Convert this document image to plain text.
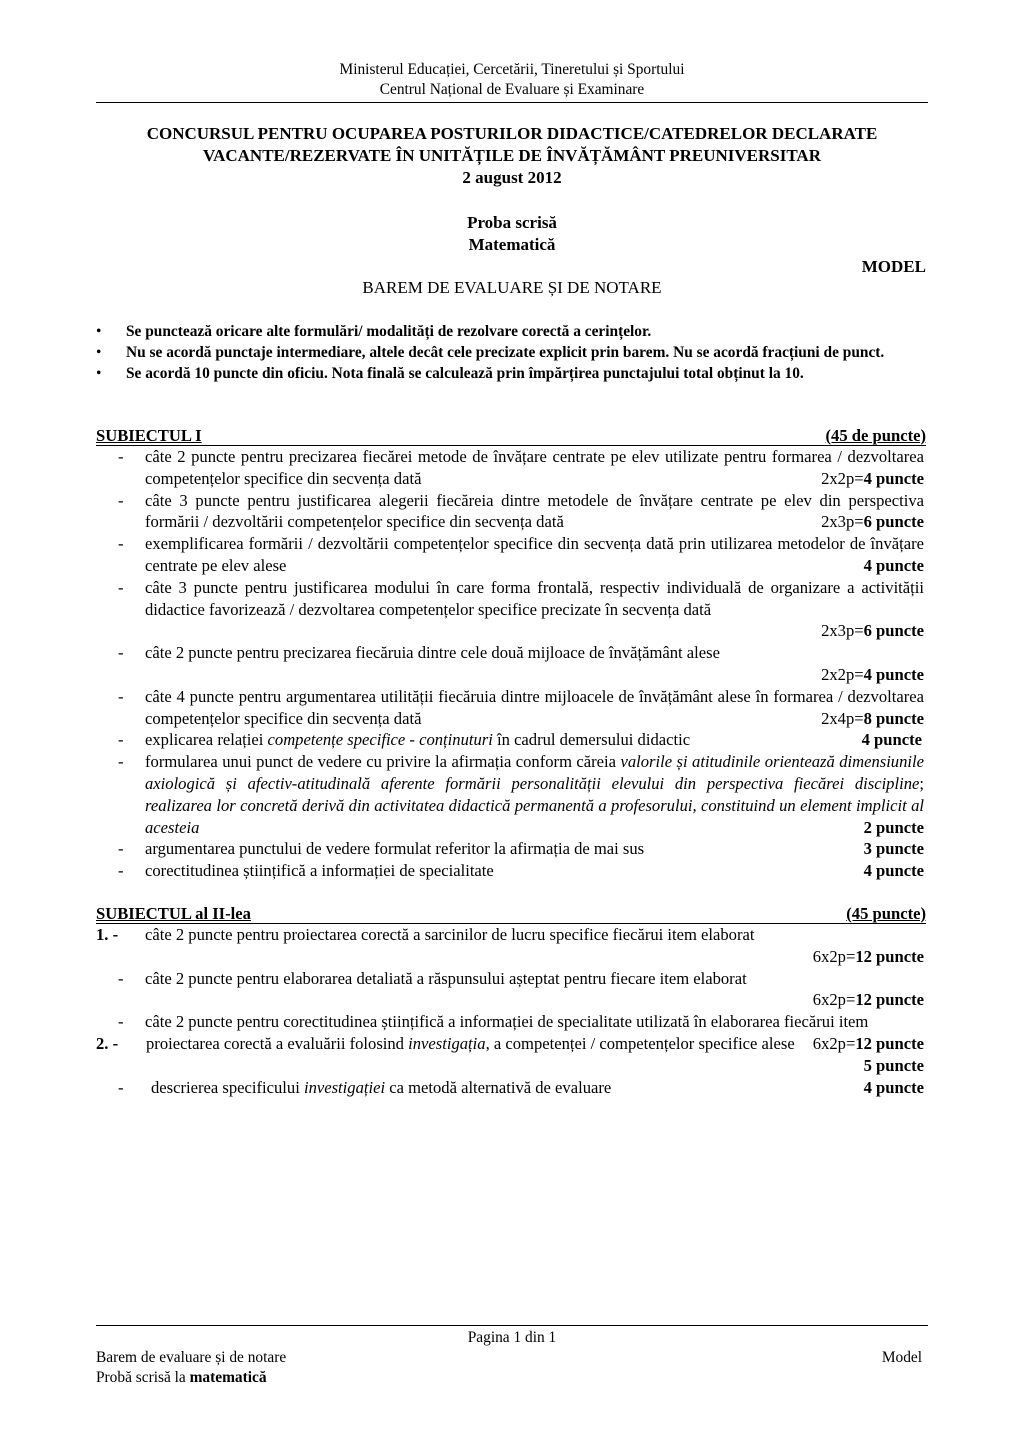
Ministerul Educației, Cercetării, Tineretului și Sportului
Centrul Național de Evaluare și Examinare
CONCURSUL PENTRU OCUPAREA POSTURILOR DIDACTICE/CATEDRELOR DECLARATE
VACANTE/REZERVATE ÎN UNITĂȚILE DE ÎNVĂȚĂMÂNT PREUNIVERSITAR
2 august 2012
Proba scrisă
Matematică
MODEL
BAREM DE EVALUARE ȘI DE NOTARE
• Se punctează oricare alte formulări/ modalități de rezolvare corectă a cerințelor.
• Nu se acordă punctaje intermediare, altele decât cele precizate explicit prin barem. Nu se acordă fracțiuni de punct.
• Se acordă 10 puncte din oficiu. Nota finală se calculează prin împărțirea punctajului total obținut la 10.
SUBIECTUL I	(45 de puncte)
- câte 2 puncte pentru precizarea fiecărei metode de învățare centrate pe elev utilizate pentru formarea / dezvoltarea competențelor specifice din secvența dată	2x2p=4 puncte
- câte 3 puncte pentru justificarea alegerii fiecăreia dintre metodele de învățare centrate pe elev din perspectiva formării / dezvoltării competențelor specifice din secvența dată	2x3p=6 puncte
- exemplificarea formării / dezvoltării competențelor specifice din secvența dată prin utilizarea metodelor de învățare centrate pe elev alese	4 puncte
- câte 3 puncte pentru justificarea modului în care forma frontală, respectiv individuală de organizare a activității didactice favorizează / dezvoltarea competențelor specifice precizate în secvența dată
2x3p=6 puncte
- câte 2 puncte pentru precizarea fiecăruia dintre cele două mijloace de învățământ alese
2x2p=4 puncte
- câte 4 puncte pentru argumentarea utilității fiecăruia dintre mijloacele de învățământ alese în formarea / dezvoltarea competențelor specifice din secvența dată	2x4p=8 puncte
- explicarea relației competențe specifice - conținuturi în cadrul demersului didactic	4 puncte
- formularea unui punct de vedere cu privire la afirmația conform căreia valorile și atitudinile orientează dimensiunile axiologică și afectiv-atitudinală aferente formării personalității elevului din perspectiva fiecărei discipline; realizarea lor concretă derivă din activitatea didactică permanentă a profesorului, constituind un element implicit al acesteia	2 puncte
- argumentarea punctului de vedere formulat referitor la afirmația de mai sus	3 puncte
- corectitudinea științifică a informației de specialitate	4 puncte
SUBIECTUL al II-lea	(45 puncte)
1. - câte 2 puncte pentru proiectarea corectă a sarcinilor de lucru specifice fiecărui item elaborat
6x2p=12 puncte
- câte 2 puncte pentru elaborarea detaliată a răspunsului așteptat pentru fiecare item elaborat
6x2p=12 puncte
- câte 2 puncte pentru corectitudinea științifică a informației de specialitate utilizată în elaborarea fiecărui item
6x2p=12 puncte
2. - proiectarea corectă a evaluării folosind investigația, a competenței / competențelor specifice alese
5 puncte
- descrierea specificului investigației ca metodă alternativă de evaluare	4 puncte
Pagina 1 din 1
Barem de evaluare și de notare	Model
Probă scrisă la matematică
